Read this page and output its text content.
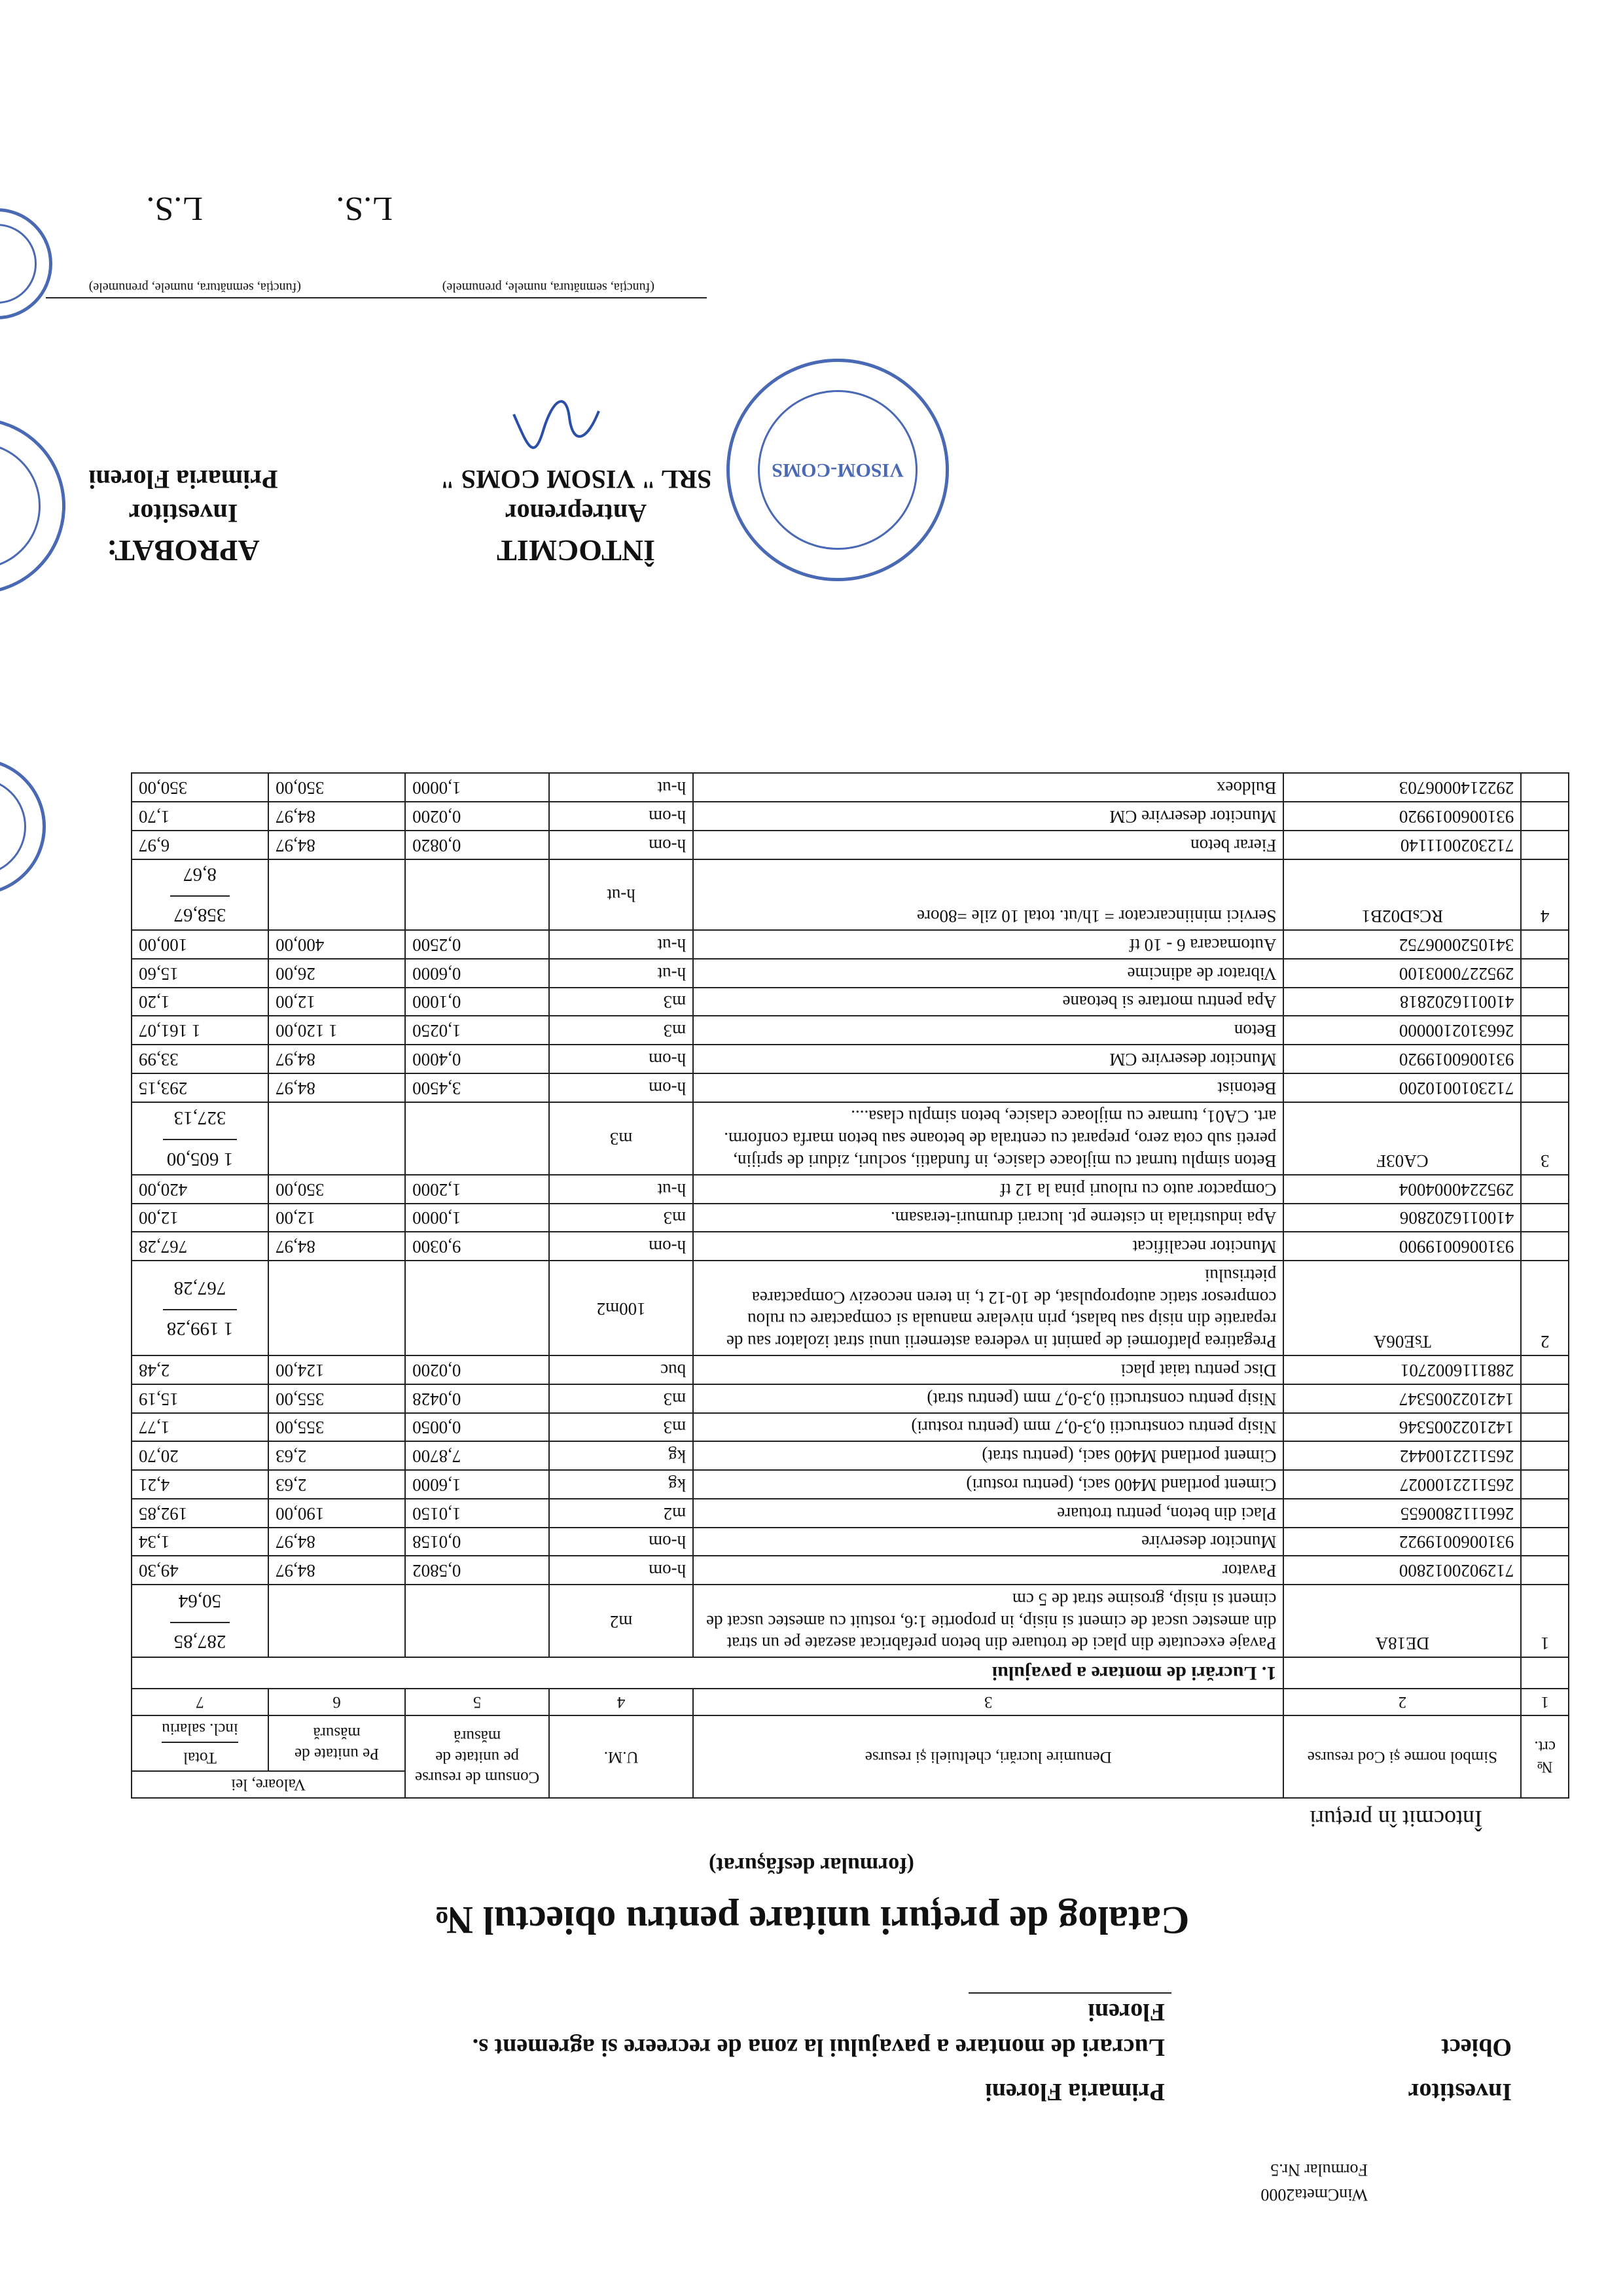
WinCmeta2000
Formular Nr.5
Investitor
Primaria Floreni
Obiect
Lucrari de montare a pavajului la zona de recreere si agrement s.
Floreni
Catalog de prețuri unitare pentru obiectul №
(formular desfășurat)
Întocmit în prețuri
№ crt.	Simbol norme și Cod resurse	Denumire lucrări, cheltuieli și resurse	U.M.	Consum de resurse pe unitate de măsură	Valoare, lei	
					Pe unitate de măsură	Total
incl. salariu
1	2	3	4	5	6	7
		1. Lucrări de montare a pavajului				
1	DE18A	Pavaje executate din placi de trotuare din beton prefabricat asezate pe un strat din amestec uscat de ciment si nisip, in proportie 1:6, rostuit cu amestec uscat de ciment si nisip, grosime strat de 5 cm	m2			287,85
50,64

	7129020012800	Pavator	h-om	0,5802	84,97	49,30
	9310060019922	Muncitor deservire	h-om	0,0158	84,97	1,34
	2661112800655	Placi din beton, pentru trotuare	m2	1,0150	190,00	192,85
	2651122100027	Ciment portland M400 saci, (pentru rosturi)	kg	1,6000	2,63	4,21
	2651122100442	Ciment portland M400 saci, (pentru strat)	kg	7,8700	2,63	20,70
	1421022005346	Nisip pentru constructii 0,3-0,7 mm (pentru rosturi)	m3	0,0050	355,00	1,77
	1421022005347	Nisip pentru constructii 0,3-0,7 mm (pentru strat)	m3	0,0428	355,00	15,19
	2881116002701	Disc pentru taiat placi	buc	0,0200	124,00	2,48
2	TsE06A	Pregatirea platformei de pamint in vederea asternerii unui strat izolator sau de reparatie din nisip sau balast, prin nivelare manuala si compactare cu rulou compresor static autopropulsat, de 10-12 t, in teren necoeziv Compactarea pietrisului	100m2			1 199,28
767,28

	9310060019900	Muncitor necalificat	h-om	9,0300	84,97	767,28
	4100116202806	Apa industriala in cisterne pt. lucrari drumuri-terasam.	m3	1,0000	12,00	12,00
	2952240004004	Compactor auto cu rulouri pina la 12 tf	h-ut	1,2000	350,00	420,00
3	CA03F	Beton simplu turnat cu mijloace clasice, in fundatii, socluri, ziduri de sprijin, pereti sub cota zero, preparat cu centrala de betoane sau beton marfa conform. art. CA01, turnare cu mijloace clasice, beton simplu clasa....	m3			1 605,00
327,13

	7123010010200	Betonist	h-om	3,4500	84,97	293,15
	9310060019920	Muncitor deservire CM	h-om	0,4000	84,97	33,99
	2663102100000	Beton	m3	1,0250	1 120,00	1 161,07
	4100116202818	Apa pentru mortare si betoane	m3	0,1000	12,00	1,20
	2952270003100	Vibrator de adincime	h-ut	0,6000	26,00	15,60
	3410520006752	Automacara 6 - 10 tf	h-ut	0,2500	400,00	100,00
4	RCsD02B1	Servici miniincarcator = 1h/ut. total 10 zile =80ore	h-ut			358,67
8,67

	7123020011140	Fierar beton	h-om	0,0820	84,97	6,97
	9310060019920	Muncitor deservire CM	h-om	0,0200	84,97	1,70
	2922140006703	Buldoex	h-ut	1,0000	350,00	350,00
ÎNTOCMIT
Antreprenor
SRL " VISOM COMS "
(funcția, semnătura, numele, prenumele)
L.S.
APROBAT:
Investitor
Primaria Floreni
(funcția, semnătura, numele, prenumele)
L.S.
VISOM-COMS
